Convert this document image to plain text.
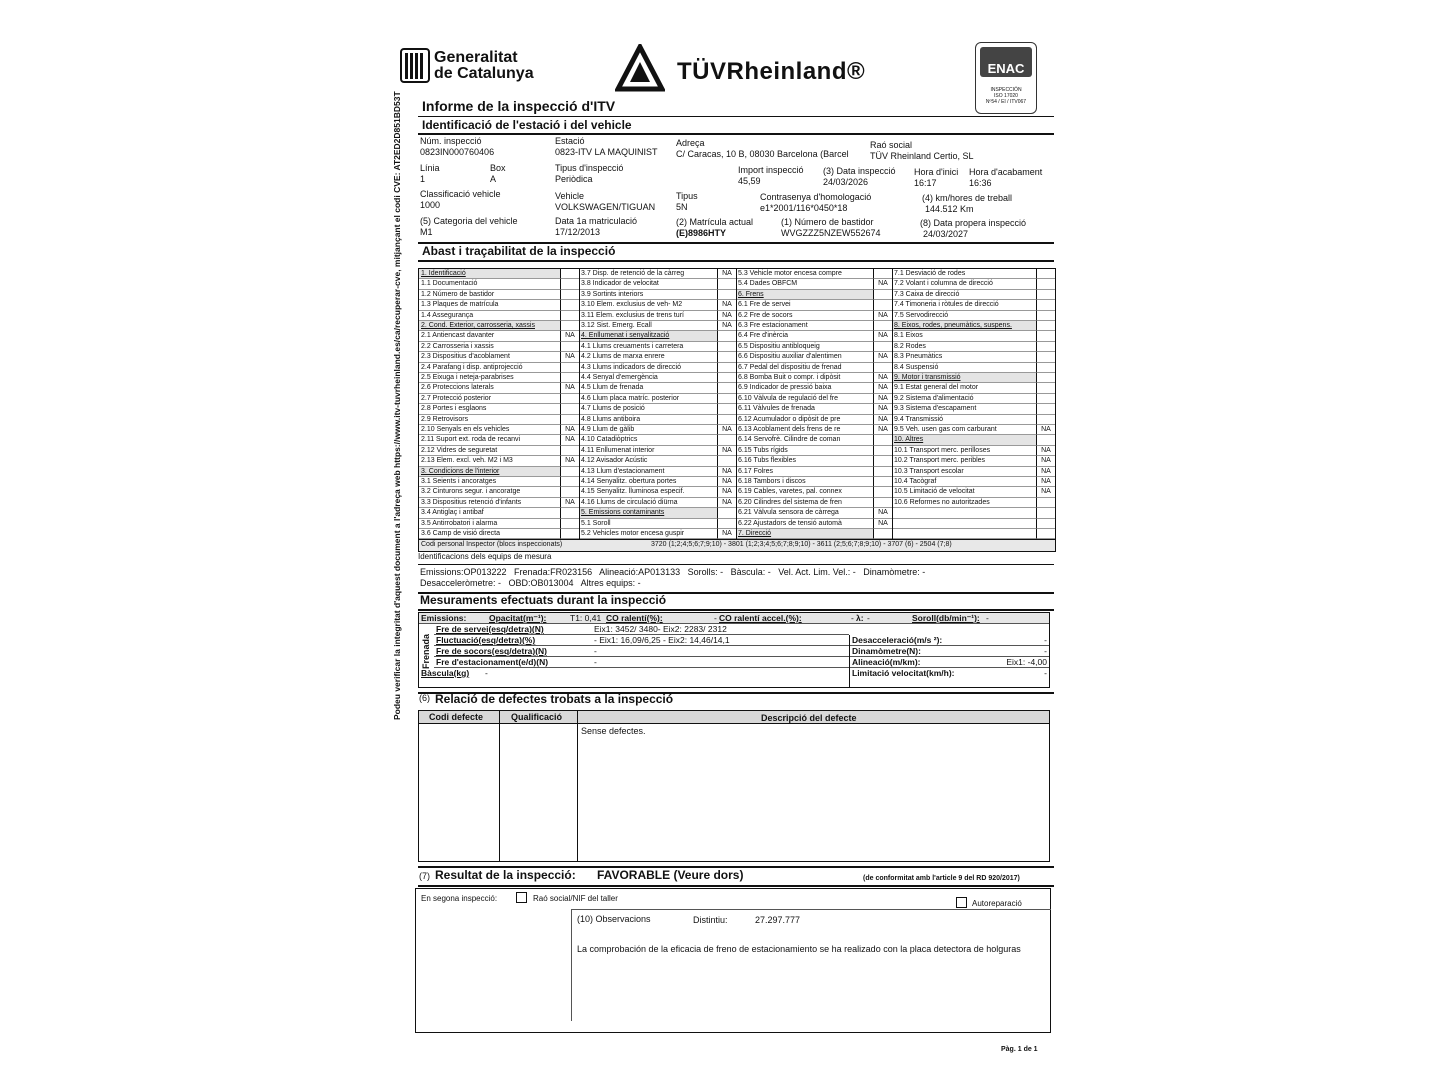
Podeu verificar la integritat d'aquest document a l'adreça web https://www.itv-tuvrheinland.es/ca/recuperar-cve, mitjançant el codi CVE: AT2ED2D851BD53T
Generalitat
de Catalunya	TÜVRheinland®	ENAC
INSPECCIÓN
ISO 17020
Nº54 / EI / ITV067
Informe de la inspecció d'ITV
Identificació de l'estació i del vehicle
Núm. inspecció
0823IN000760406
Estació
0823-ITV LA MAQUINIST
Adreça
C/ Caracas, 10 B, 08030 Barcelona (Barcel
Raó social
TÜV Rheinland Certio, SL
Línia
1
Box
A
Tipus d'inspecció
Periòdica
Import inspecció
45,59
(3) Data inspecció
24/03/2026
Hora d'inici
16:17
Hora d'acabament
16:36
Classificació vehicle
1000
Vehicle
VOLKSWAGEN/TIGUAN
Tipus
5N
Contrasenya d'homologació
e1*2001/116*0450*18
(4) km/hores de treball
144.512 Km
(5) Categoria del vehicle
M1
Data 1a matriculació
17/12/2013
(2) Matrícula actual
(E)8986HTY
(1) Número de bastidor
WVGZZZ5NZEW552674
(8) Data propera inspecció
24/03/2027
Abast i traçabilitat de la inspecció
1. Identificació
1.1 Documentació
1.2 Número de bastidor
1.3 Plaques de matrícula
1.4 Assegurança
2. Cond. Exterior, carrosseria, xassis
2.1 Antiencast davanter	NA
2.2 Carrosseria i xassis
2.3 Dispositius d'acoblament	NA
2.4 Parafang i disp. antiprojecció
2.5 Eixuga i neteja-parabrises
2.6 Proteccions laterals	NA
2.7 Protecció posterior
2.8 Portes i esglaons
2.9 Retrovisors
2.10 Senyals en els vehicles	NA
2.11 Suport ext. roda de recanvi	NA
2.12 Vidres de seguretat
2.13 Elem. excl. veh. M2 i M3	NA
3. Condicions de l'interior
3.1 Seients i ancoratges
3.2 Cinturons segur. i ancoratge
3.3 Dispositius retenció d'infants	NA
3.4 Antiglaç i antibaf
3.5 Antirrobatori i alarma
3.6 Camp de visió directa
3.7 Disp. de retenció de la càrreg	NA
3.8 Indicador de velocitat
3.9 Sortints interiors
3.10 Elem. exclusius de veh- M2	NA
3.11 Elem. exclusius de trens turí	NA
3.12 Sist. Emerg. Ecall	NA
4. Enllumenat i senyalització
4.1 Llums creuaments i carretera
4.2 Llums de marxa enrere
4.3 Llums indicadors de direcció
4.4 Senyal d'emergència
4.5 Llum de frenada
4.6 Llum placa matríc. posterior
4.7 Llums de posició
4.8 Llums antiboira
4.9 Llum de gàlib	NA
4.10 Catadiòptrics
4.11 Enllumenat interior	NA
4.12 Avisador Acústic
4.13 Llum d'estacionament	NA
4.14 Senyalitz. obertura portes	NA
4.15 Senyalitz. lluminosa especif.	NA
4.16 Llums de circulació diürna	NA
5. Emissions contaminants
5.1 Soroll
5.2 Vehicles motor encesa guspir	NA
5.3 Vehicle motor encesa compre
5.4 Dades OBFCM	NA
6. Frens
6.1 Fre de servei
6.2 Fre de socors	NA
6.3 Fre estacionament
6.4 Fre d'inèrcia	NA
6.5 Dispositiu antibloqueig
6.6 Dispositiu auxiliar d'alentimen	NA
6.7 Pedal del dispositiu de frenad
6.8 Bomba Buit o compr. i dipòsit	NA
6.9 Indicador de pressió baixa	NA
6.10 Vàlvula de regulació del fre	NA
6.11 Vàlvules de frenada	NA
6.12 Acumulador o dipòsit de pre	NA
6.13 Acoblament dels frens de re	NA
6.14 Servofrè. Cilindre de coman
6.15 Tubs rígids
6.16 Tubs flexibles
6.17 Folres
6.18 Tambors i discos
6.19 Cables, varetes, pal. connex
6.20 Cilindres del sistema de fren
6.21 Vàlvula sensora de càrrega	NA
6.22 Ajustadors de tensió automà	NA
7. Direcció
7.1 Desviació de rodes
7.2 Volant i columna de direcció
7.3 Caixa de direcció
7.4 Timoneria i ròtules de direcció
7.5 Servodirecció
8. Eixos, rodes, pneumàtics, suspens.
8.1 Eixos
8.2 Rodes
8.3 Pneumàtics
8.4 Suspensió
9. Motor i transmissió
9.1 Estat general del motor
9.2 Sistema d'alimentació
9.3 Sistema d'escapament
9.4 Transmissió
9.5 Veh. usen gas com carburant	NA
10. Altres
10.1 Transport merc. perilloses	NA
10.2 Transport merc. peribles	NA
10.3 Transport escolar	NA
10.4 Tacògraf	NA
10.5 Limitació de velocitat	NA
10.6 Reformes no autoritzades
Codi personal Inspector (blocs inspeccionats)	3720 (1;2;4;5;6;7;9;10) - 3801 (1;2;3;4;5;6;7;8;9;10) - 3611 (2;5;6;7;8;9;10) - 3707 (6) - 2504 (7;8)
Identificacions dels equips de mesura
Emissions:OP013222   Frenada:FR023156   Alineació:AP013133   Sorolls: -   Bàscula: -   Vel. Act. Lim. Vel.: -   Dinamòmetre: -
Desacceleròmetre: -   OBD:OB013004   Altres equips: -
Mesuraments efectuats durant la inspecció
Emissions:	Opacitat(m⁻¹):	T1: 0,41 CO ralentí(%):	- CO ralentí accel.(%):	- λ: -	Soroll(db/min⁻¹): -
Frenada
Fre de servei(esq/detra)(N)	Eix1: 3452/ 3480- Eix2: 2283/ 2312
Fluctuació(esq/detra)(%)	- Eix1: 16,09/6,25 - Eix2: 14,46/14,1
Fre de socors(esq/detra)(N)	-
Fre d'estacionament(e/d)(N)	-
Bàscula(kg) -
Desacceleració(m/s ²):	-
Dinamòmetre(N):	-
Alineació(m/km):	Eix1: -4,00
Limitació velocitat(km/h):	-
(6) Relació de defectes trobats a la inspecció
Codi defecte	Qualificació	Descripció del defecte
Sense defectes.
(7) Resultat de la inspecció: FAVORABLE (Veure dors)	(de conformitat amb l'article 9 del RD 920/2017)
En segona inspecció:	Raó social/NIF del taller
Autoreparació
(10) Observacions	Distintiu:	27.297.777
La comprobación de la eficacia de freno de estacionamiento se ha realizado con la placa detectora de holguras
Pàg. 1 de 1
